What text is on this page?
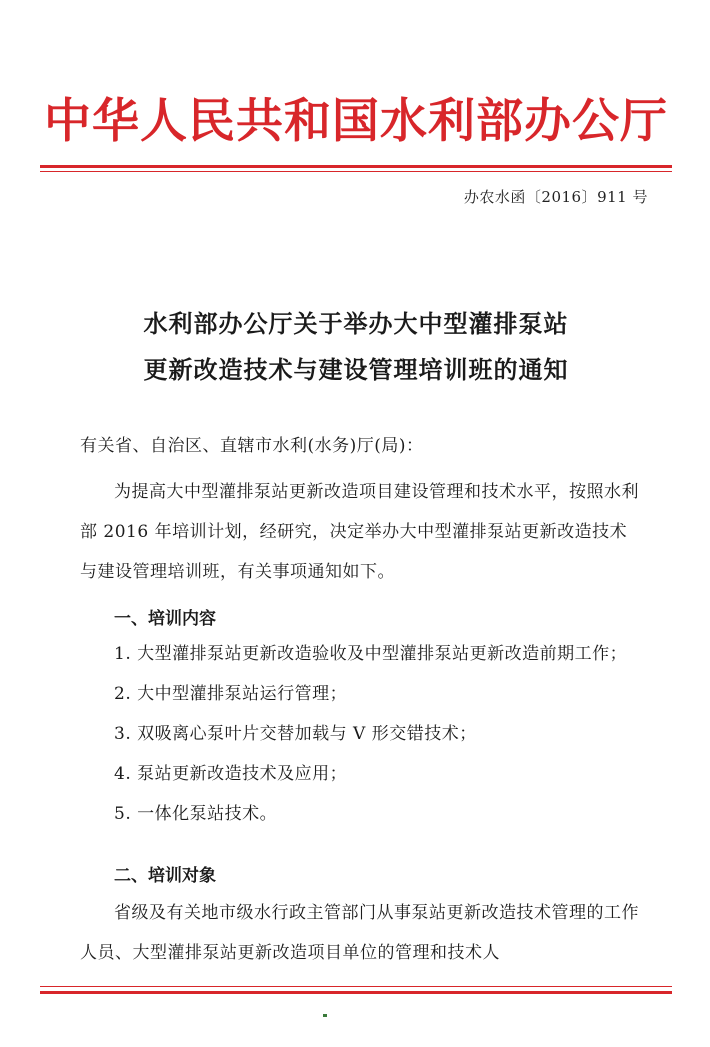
中华人民共和国水利部办公厅
办农水函〔2016〕911 号
水利部办公厅关于举办大中型灌排泵站
更新改造技术与建设管理培训班的通知
有关省、自治区、直辖市水利(水务)厅(局)：

为提高大中型灌排泵站更新改造项目建设管理和技术水平，按照水利部 2016 年培训计划，经研究，决定举办大中型灌排泵站更新改造技术与建设管理培训班，有关事项通知如下。

一、培训内容

1. 大型灌排泵站更新改造验收及中型灌排泵站更新改造前期工作；

2. 大中型灌排泵站运行管理；

3. 双吸离心泵叶片交替加载与 V 形交错技术；

4. 泵站更新改造技术及应用；

5. 一体化泵站技术。

二、培训对象

省级及有关地市级水行政主管部门从事泵站更新改造技术管理的工作人员、大型灌排泵站更新改造项目单位的管理和技术人
